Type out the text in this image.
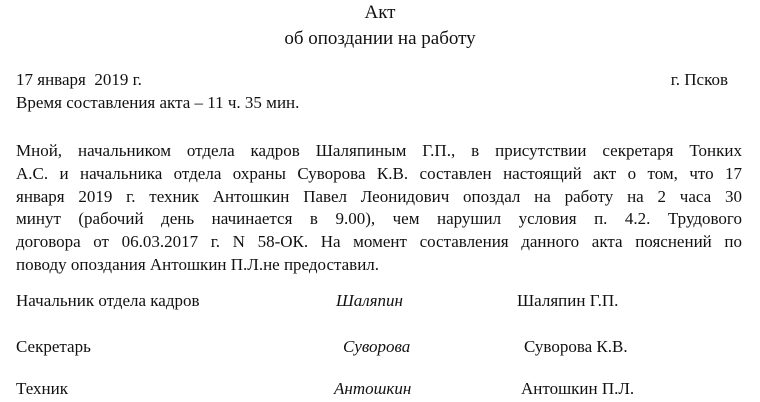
Акт
об опоздании на работу
17 января  2019 г.	г. Псков
Время составления акта – 11 ч. 35 мин.
Мной, начальником отдела кадров Шаляпиным Г.П., в присутствии секретаря Тонких
А.С. и начальника отдела охраны Суворова К.В. составлен настоящий акт о том, что 17
января 2019 г. техник Антошкин Павел Леонидович опоздал на работу на 2 часа 30
минут (рабочий день начинается в 9.00), чем нарушил условия п. 4.2. Трудового
договора от 06.03.2017 г. N 58-ОК. На момент составления данного акта пояснений по
поводу опоздания Антошкин П.Л.не предоставил.
Начальник отдела кадров	Шаляпин	Шаляпин Г.П.
Секретарь	Суворова	Суворова К.В.
Техник	Антошкин	Антошкин П.Л.
